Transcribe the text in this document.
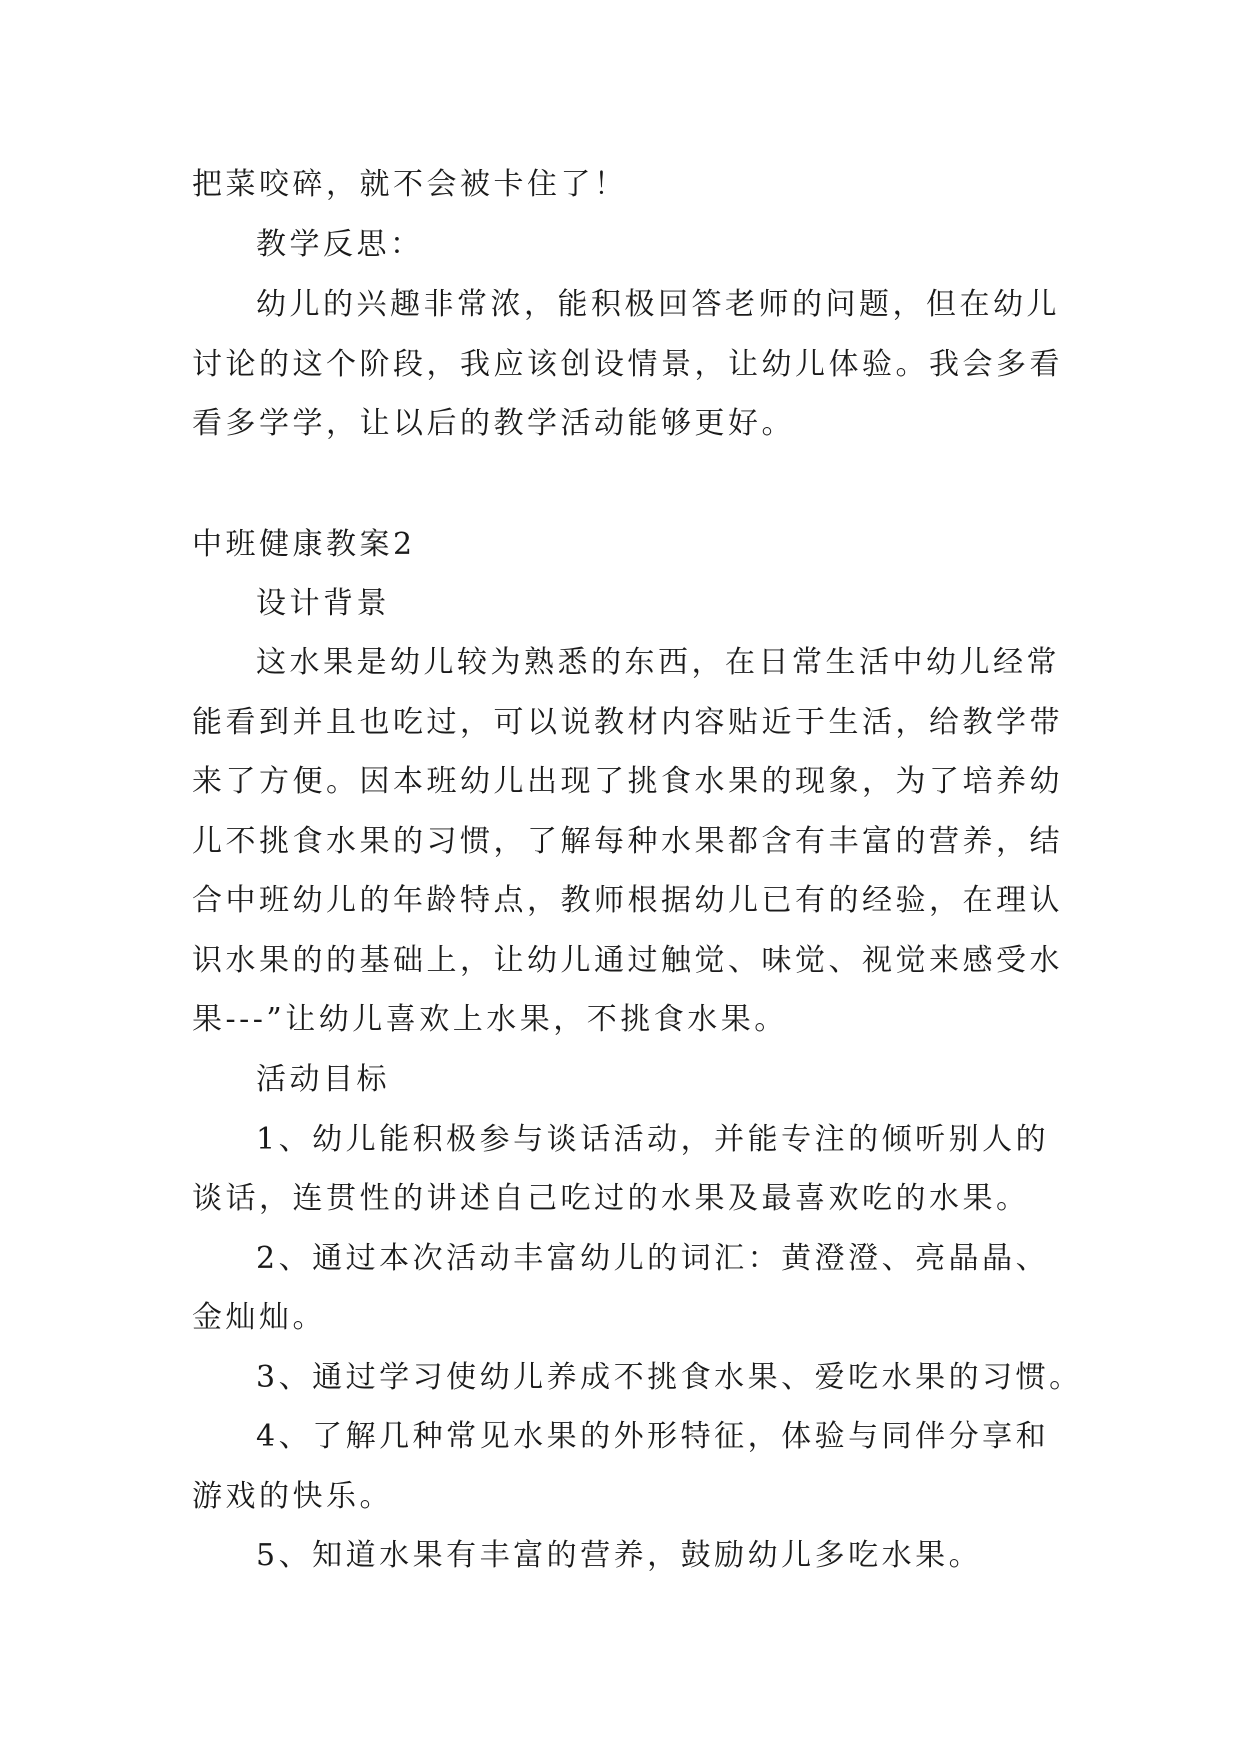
把菜咬碎，就不会被卡住了！
教学反思：
幼儿的兴趣非常浓，能积极回答老师的问题，但在幼儿
讨论的这个阶段，我应该创设情景，让幼儿体验。我会多看
看多学学，让以后的教学活动能够更好。
中班健康教案2
设计背景
这水果是幼儿较为熟悉的东西，在日常生活中幼儿经常
能看到并且也吃过，可以说教材内容贴近于生活，给教学带
来了方便。因本班幼儿出现了挑食水果的现象，为了培养幼
儿不挑食水果的习惯，了解每种水果都含有丰富的营养，结
合中班幼儿的年龄特点，教师根据幼儿已有的经验，在理认
识水果的的基础上，让幼儿通过触觉、味觉、视觉来感受水
果---”让幼儿喜欢上水果，不挑食水果。
活动目标
1、幼儿能积极参与谈话活动，并能专注的倾听别人的
谈话，连贯性的讲述自己吃过的水果及最喜欢吃的水果。
2、通过本次活动丰富幼儿的词汇：黄澄澄、亮晶晶、
金灿灿。
3、通过学习使幼儿养成不挑食水果、爱吃水果的习惯。
4、了解几种常见水果的外形特征，体验与同伴分享和
游戏的快乐。
5、知道水果有丰富的营养，鼓励幼儿多吃水果。
